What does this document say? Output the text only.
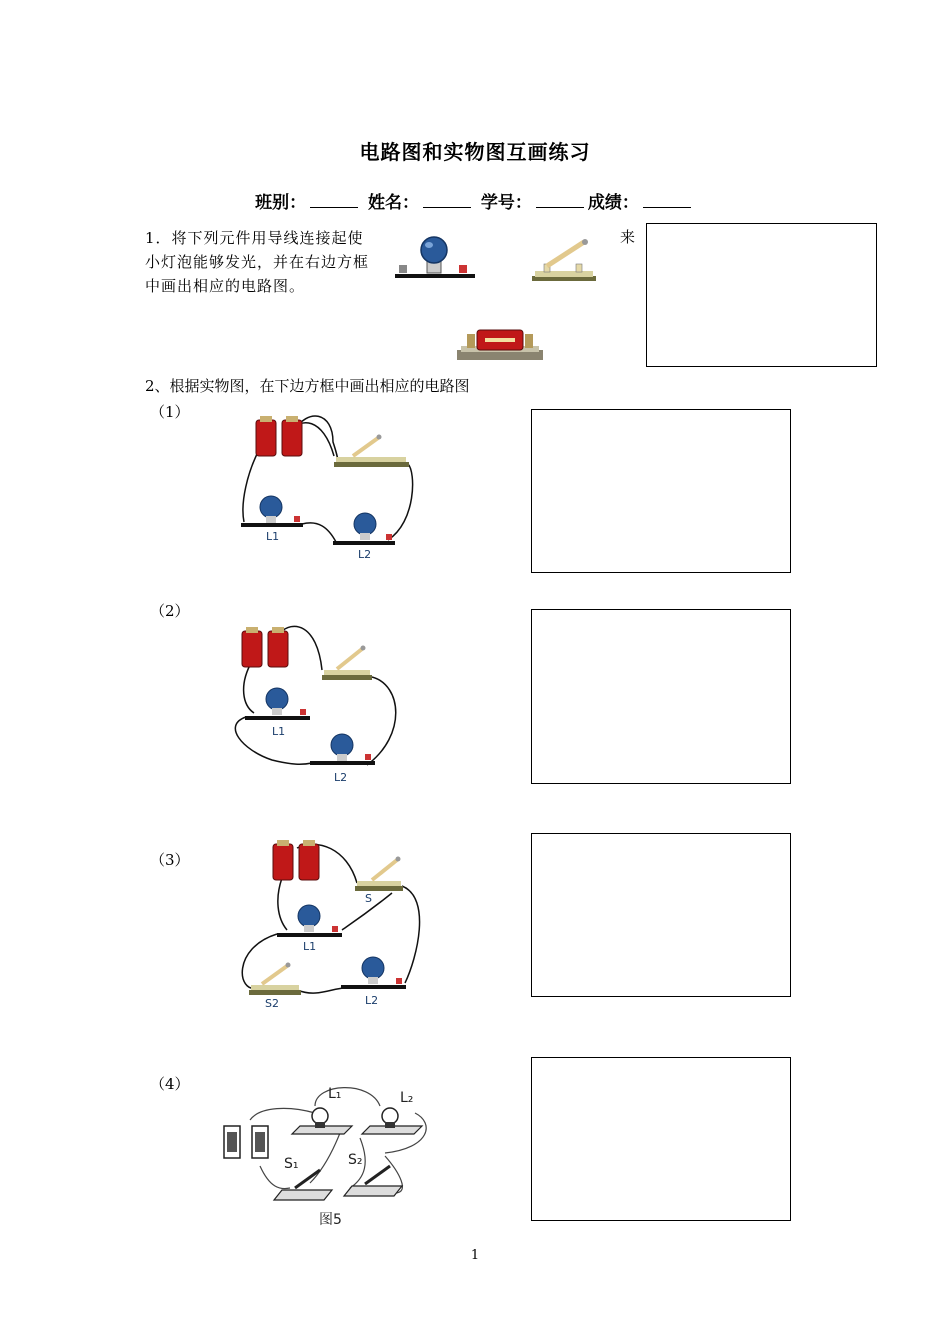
电路图和实物图互画练习
班别：	姓名：	学号：	成绩：
1．将下列元件用导线连接起使小灯泡能够发光，并在右边方框中画出相应的电路图。
来
2、根据实物图，在下边方框中画出相应的电路图
（1）
L1
L2
（2）
L1
L2
（3）
S
L1
S2	L2
（4）
L₁	L₂
S₁	S₂
图5
1
